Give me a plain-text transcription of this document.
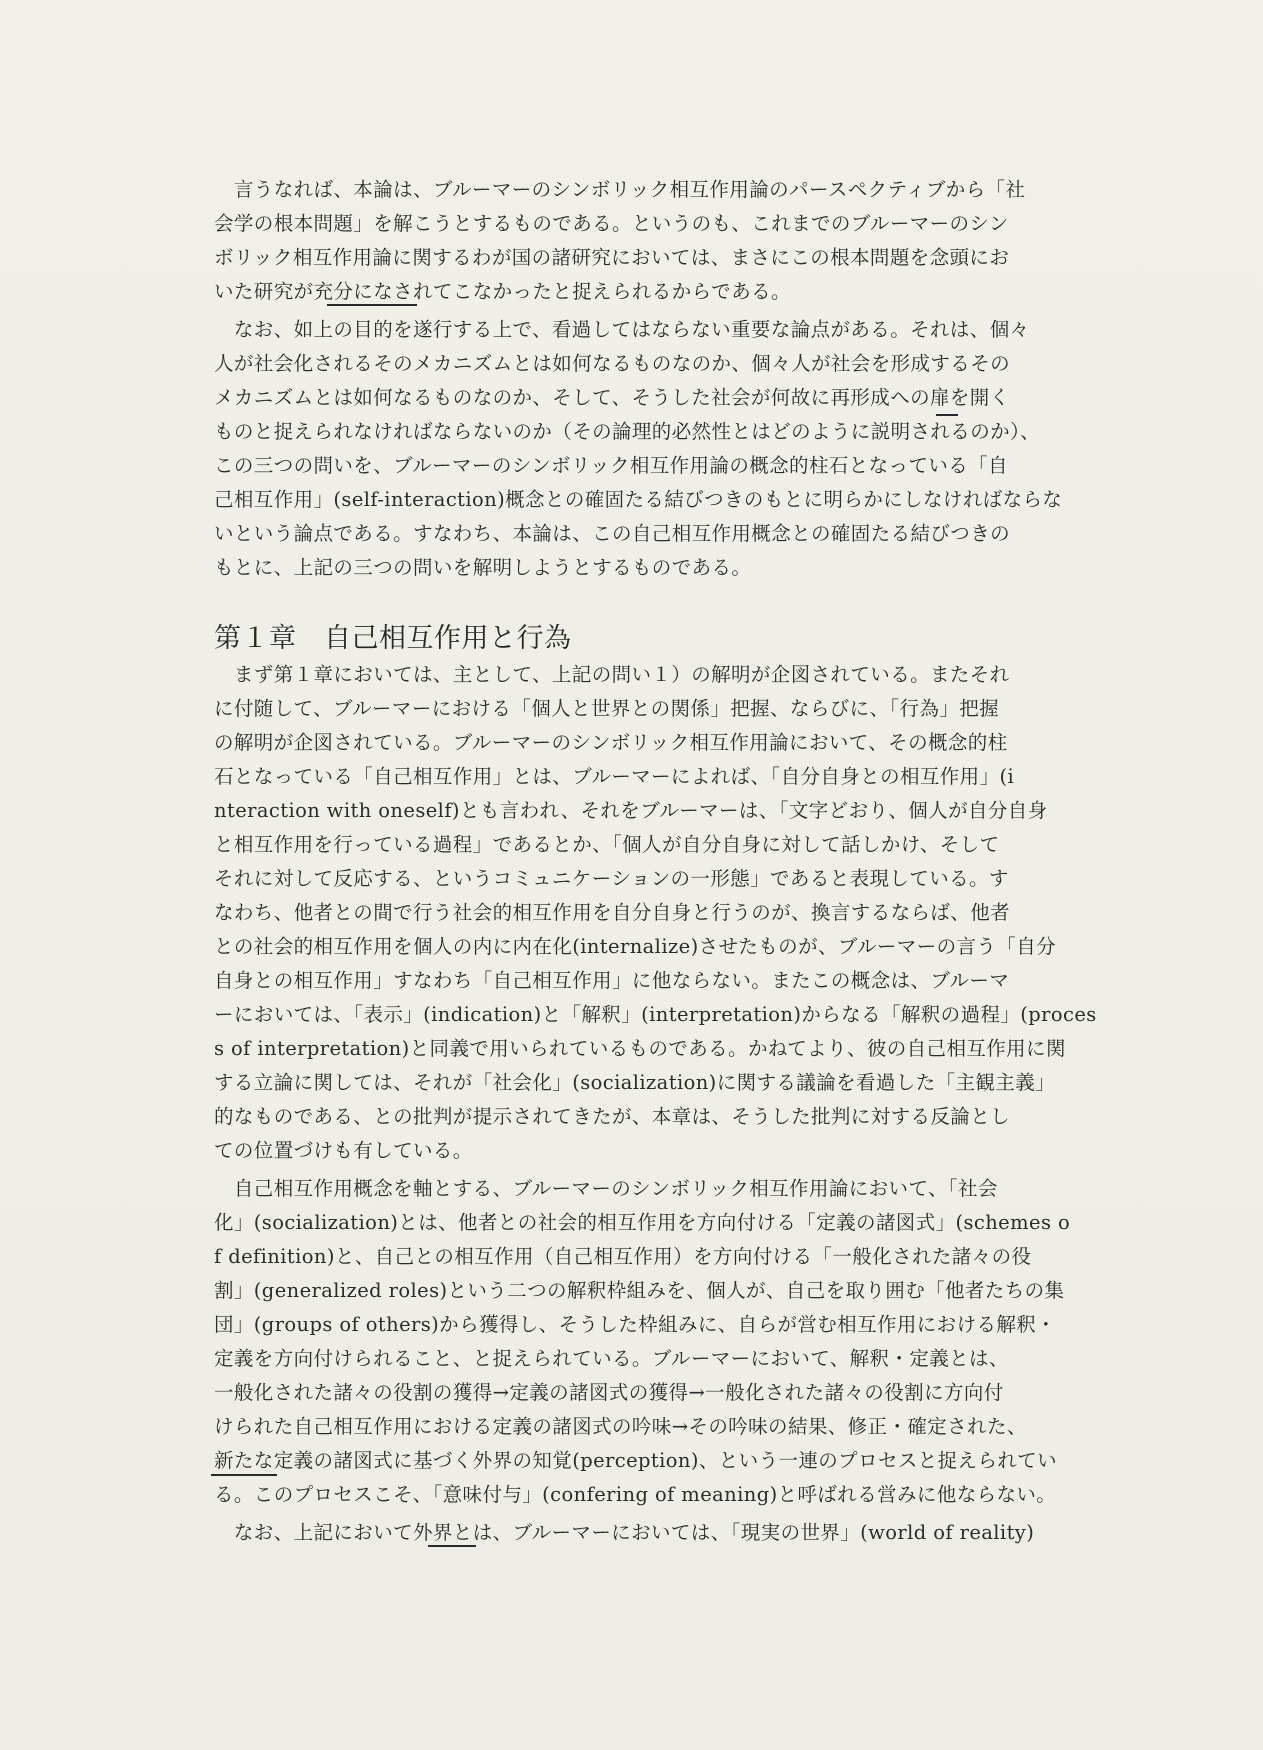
　言うなれば、本論は、ブルーマーのシンボリック相互作用論のパースペクティブから「社
会学の根本問題」を解こうとするものである。というのも、これまでのブルーマーのシン
ボリック相互作用論に関するわが国の諸研究においては、まさにこの根本問題を念頭にお
いた研究が充分になされてこなかったと捉えられるからである。
　なお、如上の目的を遂行する上で、看過してはならない重要な論点がある。それは、個々
人が社会化されるそのメカニズムとは如何なるものなのか、個々人が社会を形成するその
メカニズムとは如何なるものなのか、そして、そうした社会が何故に再形成への扉を開く
ものと捉えられなければならないのか（その論理的必然性とはどのように説明されるのか）、
この三つの問いを、ブルーマーのシンボリック相互作用論の概念的柱石となっている「自
己相互作用」(self-interaction)概念との確固たる結びつきのもとに明らかにしなければならな
いという論点である。すなわち、本論は、この自己相互作用概念との確固たる結びつきの
もとに、上記の三つの問いを解明しようとするものである。
第１章　自己相互作用と行為
　まず第１章においては、主として、上記の問い１）の解明が企図されている。またそれ
に付随して、ブルーマーにおける「個人と世界との関係」把握、ならびに、「行為」把握
の解明が企図されている。ブルーマーのシンボリック相互作用論において、その概念的柱
石となっている「自己相互作用」とは、ブルーマーによれば、「自分自身との相互作用」(i
nteraction with oneself)とも言われ、それをブルーマーは、「文字どおり、個人が自分自身
と相互作用を行っている過程」であるとか、「個人が自分自身に対して話しかけ、そして
それに対して反応する、というコミュニケーションの一形態」であると表現している。す
なわち、他者との間で行う社会的相互作用を自分自身と行うのが、換言するならば、他者
との社会的相互作用を個人の内に内在化(internalize)させたものが、ブルーマーの言う「自分
自身との相互作用」すなわち「自己相互作用」に他ならない。またこの概念は、ブルーマ
ーにおいては、「表示」(indication)と「解釈」(interpretation)からなる「解釈の過程」(proces
s of interpretation)と同義で用いられているものである。かねてより、彼の自己相互作用に関
する立論に関しては、それが「社会化」(socialization)に関する議論を看過した「主観主義」
的なものである、との批判が提示されてきたが、本章は、そうした批判に対する反論とし
ての位置づけも有している。
　自己相互作用概念を軸とする、ブルーマーのシンボリック相互作用論において、「社会
化」(socialization)とは、他者との社会的相互作用を方向付ける「定義の諸図式」(schemes o
f definition)と、自己との相互作用（自己相互作用）を方向付ける「一般化された諸々の役
割」(generalized roles)という二つの解釈枠組みを、個人が、自己を取り囲む「他者たちの集
団」(groups of others)から獲得し、そうした枠組みに、自らが営む相互作用における解釈・
定義を方向付けられること、と捉えられている。ブルーマーにおいて、解釈・定義とは、
一般化された諸々の役割の獲得→定義の諸図式の獲得→一般化された諸々の役割に方向付
けられた自己相互作用における定義の諸図式の吟味→その吟味の結果、修正・確定された、
新たな定義の諸図式に基づく外界の知覚(perception)、という一連のプロセスと捉えられてい
る。このプロセスこそ、「意味付与」(confering of meaning)と呼ばれる営みに他ならない。
　なお、上記において外界とは、ブルーマーにおいては、「現実の世界」(world of reality)
